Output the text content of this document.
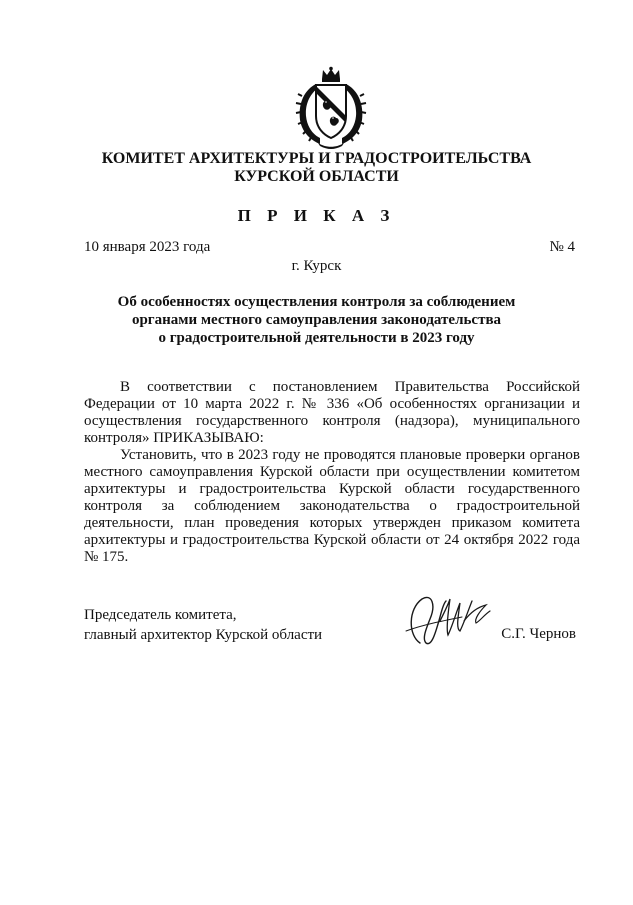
КОМИТЕТ АРХИТЕКТУРЫ И ГРАДОСТРОИТЕЛЬСТВА
КУРСКОЙ ОБЛАСТИ
П Р И К А З
10 января 2023 года	№ 4
г. Курск
Об особенностях осуществления контроля за соблюдением
органами местного самоуправления законодательства
о градостроительной деятельности в 2023 году
В соответствии с постановлением Правительства Российской
Федерации от 10 марта 2022 г. № 336 «Об особенностях организации и
осуществления государственного контроля (надзора), муниципального
контроля» ПРИКАЗЫВАЮ:
Установить, что в 2023 году не проводятся плановые проверки органов
местного самоуправления Курской области при осуществлении комитетом
архитектуры и градостроительства Курской области государственного
контроля за соблюдением законодательства о градостроительной
деятельности, план проведения которых утвержден приказом комитета
архитектуры и градостроительства Курской области от 24 октября 2022 года
№ 175.
Председатель комитета,
главный архитектор Курской области	С.Г. Чернов
